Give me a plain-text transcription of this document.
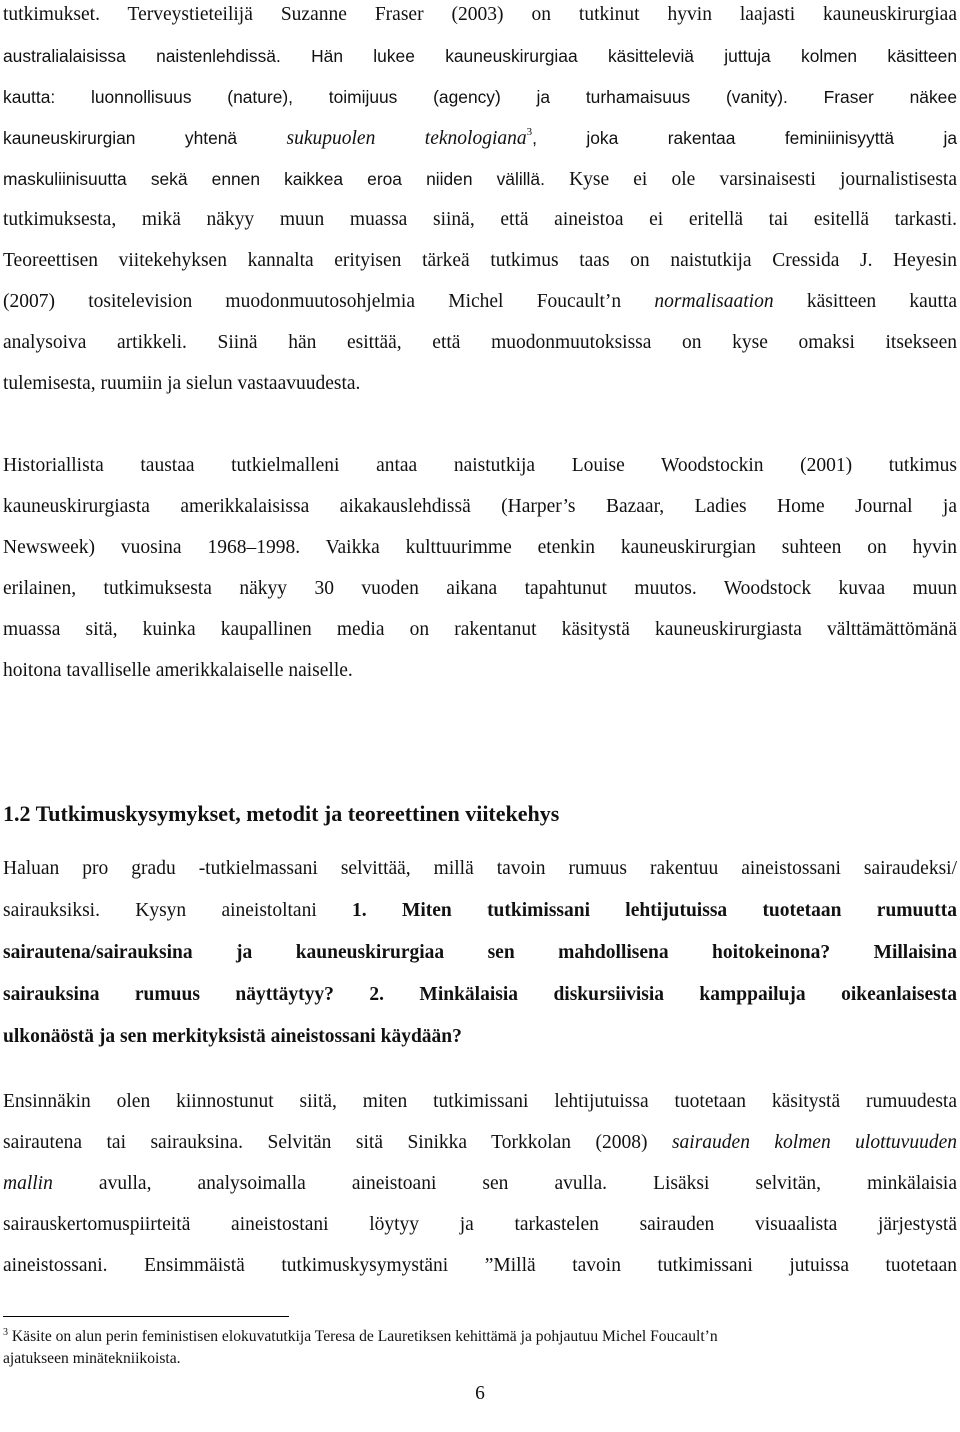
tutkimukset. Terveystieteilijä Suzanne Fraser (2003) on tutkinut hyvin laajasti kauneuskirurgiaa
australialaisissa naistenlehdissä. Hän lukee kauneuskirurgiaa käsitteleviä juttuja kolmen käsitteen
kautta: luonnollisuus (nature), toimijuus (agency) ja turhamaisuus (vanity). Fraser näkee
kauneuskirurgian yhtenä sukupuolen teknologiana$^3$, joka rakentaa feminiinisyyttä ja
maskuliinisuutta sekä ennen kaikkea eroa niiden välillä. Kyse ei ole varsinaisesti journalistisesta
tutkimuksesta, mikä näkyy muun muassa siinä, että aineistoa ei eritellä tai esitellä tarkasti.
Teoreettisen viitekehyksen kannalta erityisen tärkeä tutkimus taas on naistutkija Cressida J. Heyesin
(2007) tositelevision muodonmuutosohjelmia Michel Foucault’n normalisaation käsitteen kautta
analysoiva artikkeli. Siinä hän esittää, että muodonmuutoksissa on kyse omaksi itsekseen
tulemisesta, ruumiin ja sielun vastaavuudesta.
Historiallista taustaa tutkielmalleni antaa naistutkija Louise Woodstockin (2001) tutkimus
kauneuskirurgiasta amerikkalaisissa aikakauslehdissä (Harper’s Bazaar, Ladies Home Journal ja
Newsweek) vuosina 1968–1998. Vaikka kulttuurimme etenkin kauneuskirurgian suhteen on hyvin
erilainen, tutkimuksesta näkyy 30 vuoden aikana tapahtunut muutos. Woodstock kuvaa muun
muassa sitä, kuinka kaupallinen media on rakentanut käsitystä kauneuskirurgiasta välttämättömänä
hoitona tavalliselle amerikkalaiselle naiselle.
1.2 Tutkimuskysymykset, metodit ja teoreettinen viitekehys
Haluan pro gradu -tutkielmassani selvittää, millä tavoin rumuus rakentuu aineistossani sairaudeksi/
sairauksiksi. Kysyn aineistoltani 1. Miten tutkimissani lehtijutuissa tuotetaan rumuutta
sairautena/sairauksina ja kauneuskirurgiaa sen mahdollisena hoitokeinona? Millaisina
sairauksina rumuus näyttäytyy? 2. Minkälaisia diskursiivisia kamppailuja oikeanlaisesta
ulkonäöstä ja sen merkityksistä aineistossani käydään?
Ensinnäkin olen kiinnostunut siitä, miten tutkimissani lehtijutuissa tuotetaan käsitystä rumuudesta
sairautena tai sairauksina. Selvitän sitä Sinikka Torkkolan (2008) sairauden kolmen ulottuvuuden
mallin avulla, analysoimalla aineistoani sen avulla. Lisäksi selvitän, minkälaisia
sairauskertomuspiirteitä aineistostani löytyy ja tarkastelen sairauden visuaalista järjestystä
aineistossani. Ensimmäistä tutkimuskysymystäni ”Millä tavoin tutkimissani jutuissa tuotetaan
$^3$ Käsite on alun perin feministisen elokuvatutkija Teresa de Lauretiksen kehittämä ja pohjautuu Michel Foucault’n
ajatukseen minätekniikoista.
6
